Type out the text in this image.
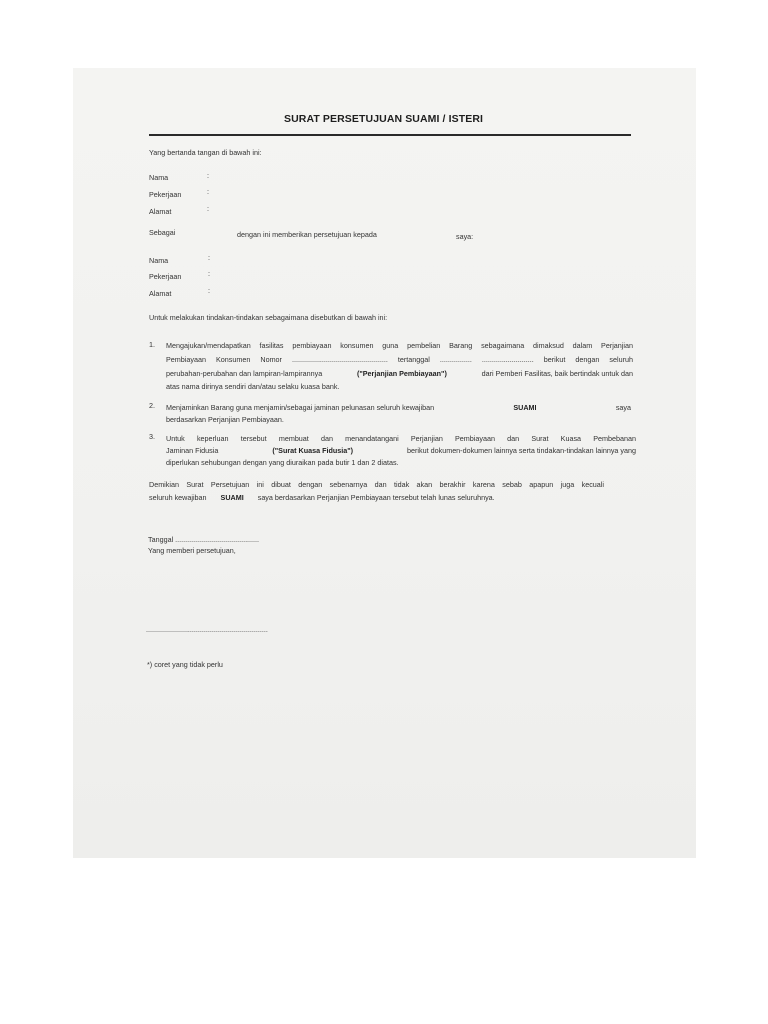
SURAT PERSETUJUAN SUAMI / ISTERI
Yang bertanda tangan di bawah ini:
Nama	:
Pekerjaan	:
Alamat	:
Sebagai	dengan ini memberikan persetujuan kepada	saya:
Nama	:
Pekerjaan	:
Alamat	:
Untuk melakukan tindakan-tindakan sebagaimana disebutkan di bawah ini:
1. Mengajukan/mendapatkan fasilitas pembiayaan konsumen guna pembelian Barang sebagaimana dimaksud dalam Perjanjian
Pembiayaan Konsumen Nomor ................................................ tertanggal ................ .......................... berikut dengan seluruh
perubahan-perubahan dan lampiran-lampirannya	("Perjanjian Pembiayaan")	dari Pemberi Fasilitas, baik bertindak untuk dan
atas nama dirinya sendiri dan/atau selaku kuasa bank.
2. Menjaminkan Barang guna menjamin/sebagai jaminan pelunasan seluruh kewajiban	SUAMI	saya
berdasarkan Perjanjian Pembiayaan.
3. Untuk keperluan tersebut membuat dan menandatangani Perjanjian Pembiayaan dan Surat Kuasa Pembebanan
Jaminan Fidusia	("Surat Kuasa Fidusia")	berikut dokumen-dokumen lainnya serta tindakan-tindakan lainnya yang
diperlukan sehubungan dengan yang diuraikan pada butir 1 dan 2 diatas.
Demikian Surat Persetujuan ini dibuat dengan sebenarnya dan tidak akan berakhir karena sebab apapun juga kecuali
seluruh kewajiban SUAMI saya berdasarkan Perjanjian Pembiayaan tersebut telah lunas seluruhnya.
Tanggal ..........................................
Yang memberi persetujuan,
.............................................................
*) coret yang tidak perlu
